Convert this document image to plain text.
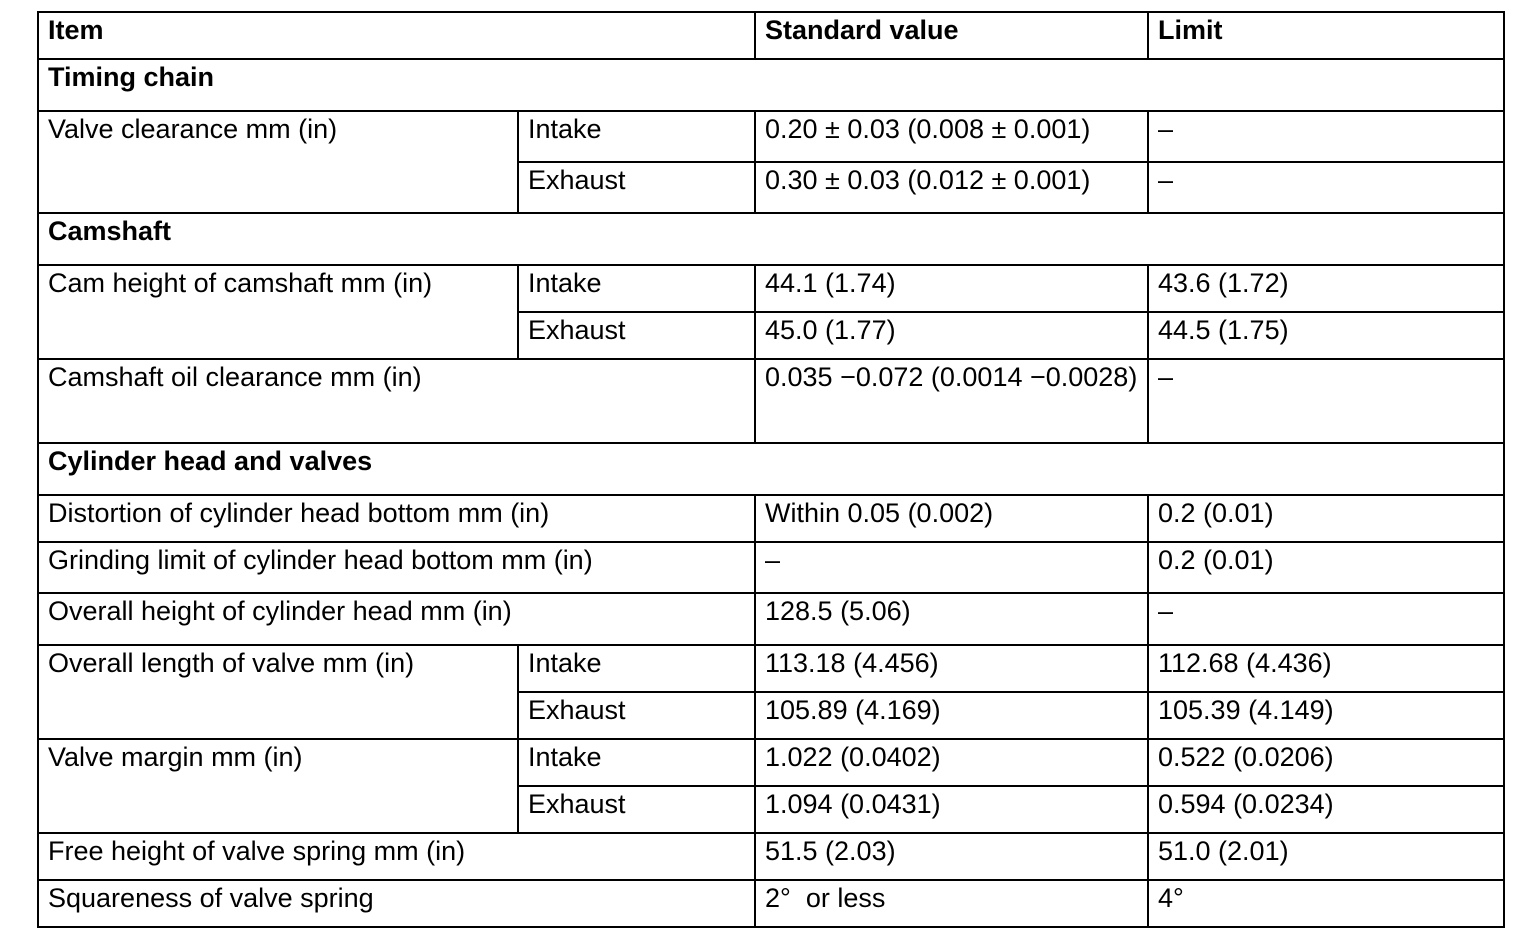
Item		Standard value	Limit
Timing chain			
Valve clearance mm (in)	Intake	0.20 ± 0.03 (0.008 ± 0.001)	–
	Exhaust	0.30 ± 0.03 (0.012 ± 0.001)	–
Camshaft			
Cam height of camshaft mm (in)	Intake	44.1 (1.74)	43.6 (1.72)
	Exhaust	45.0 (1.77)	44.5 (1.75)
Camshaft oil clearance mm (in)		0.035 −0.072 (0.0014 −0.0028)	–
Cylinder head and valves			
Distortion of cylinder head bottom mm (in)		Within 0.05 (0.002)	0.2 (0.01)
Grinding limit of cylinder head bottom mm (in)		–	0.2 (0.01)
Overall height of cylinder head mm (in)		128.5 (5.06)	–
Overall length of valve mm (in)	Intake	113.18 (4.456)	112.68 (4.436)
	Exhaust	105.89 (4.169)	105.39 (4.149)
Valve margin mm (in)	Intake	1.022 (0.0402)	0.522 (0.0206)
	Exhaust	1.094 (0.0431)	0.594 (0.0234)
Free height of valve spring mm (in)		51.5 (2.03)	51.0 (2.01)
Squareness of valve spring		2°  or less	4°
